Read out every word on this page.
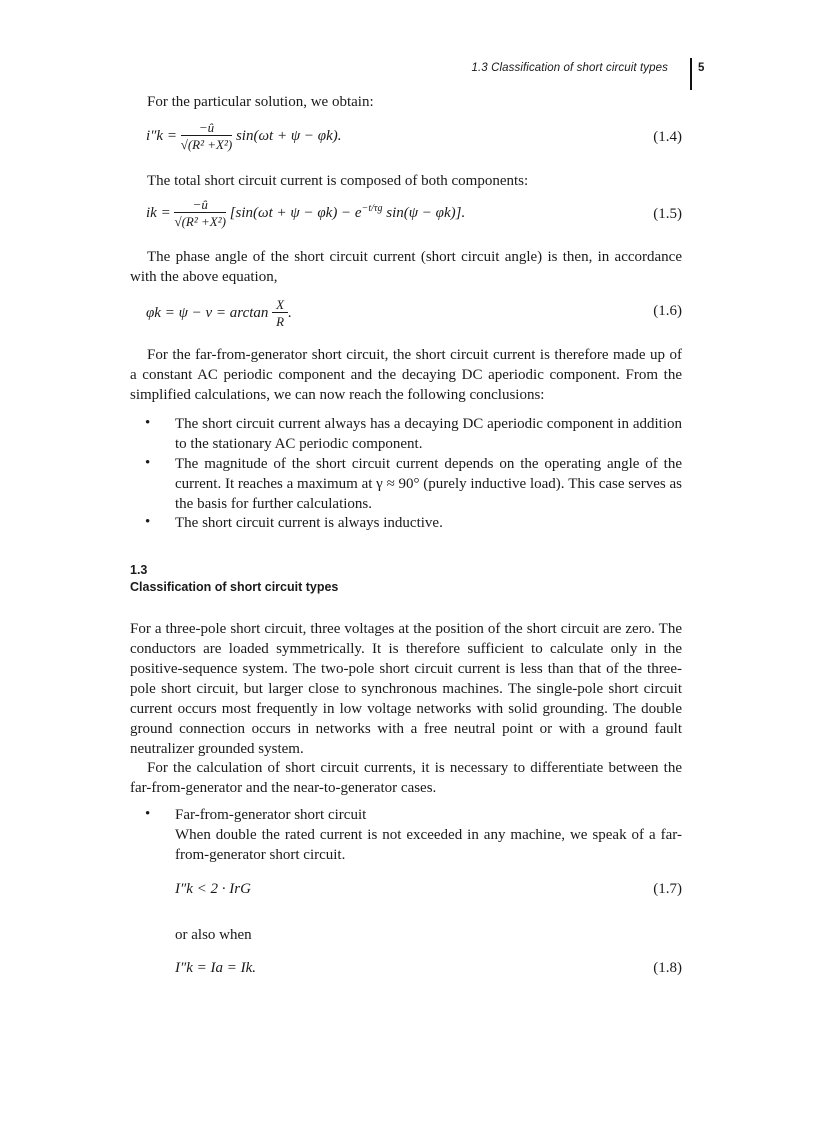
1.3 Classification of short circuit types	5
For the particular solution, we obtain:
$i''k = \frac{-û}{\text{√(R² +X²)}} \sin(\omega t + \psi - \varphi k)$.	(1.4)
The total short circuit current is composed of both components:
ik = $\frac{-û}{\text{√(R² +X²)}} [\sin(\omega t + \psi - \varphi k) - e^{-t/\tau g}$ sin(ψ − φk)].	(1.5)
The phase angle of the short circuit current (short circuit angle) is then, in accordance with the above equation,
$\varphi k = \psi - \nu = \arctan \frac{X}{R}$ .	(1.6)
For the far-from-generator short circuit, the short circuit current is therefore made up of a constant AC periodic component and the decaying DC aperiodic component. From the simplified calculations, we can now reach the following conclusions:
• The short circuit current always has a decaying DC aperiodic component in addition to the stationary AC periodic component.
• The magnitude of the short circuit current depends on the operating angle of the current. It reaches a maximum at γ ≈ 90° (purely inductive load). This case serves as the basis for further calculations.
• The short circuit current is always inductive.
1.3
Classification of short circuit types
For a three-pole short circuit, three voltages at the position of the short circuit are zero. The conductors are loaded symmetrically. It is therefore sufficient to calculate only in the positive-sequence system. The two-pole short circuit current is less than that of the three-pole short circuit, but larger close to synchronous machines. The single-pole short circuit current occurs most frequently in low voltage networks with solid grounding. The double ground connection occurs in networks with a free neutral point or with a ground fault neutralizer grounded system.
For the calculation of short circuit currents, it is necessary to differentiate between the far-from-generator and the near-to-generator cases.
• Far-from-generator short circuit
When double the rated current is not exceeded in any machine, we speak of a far-from-generator short circuit.
I″k < 2 · IrG	(1.7)
or also when
I″k = Ia = Ik.	(1.8)
